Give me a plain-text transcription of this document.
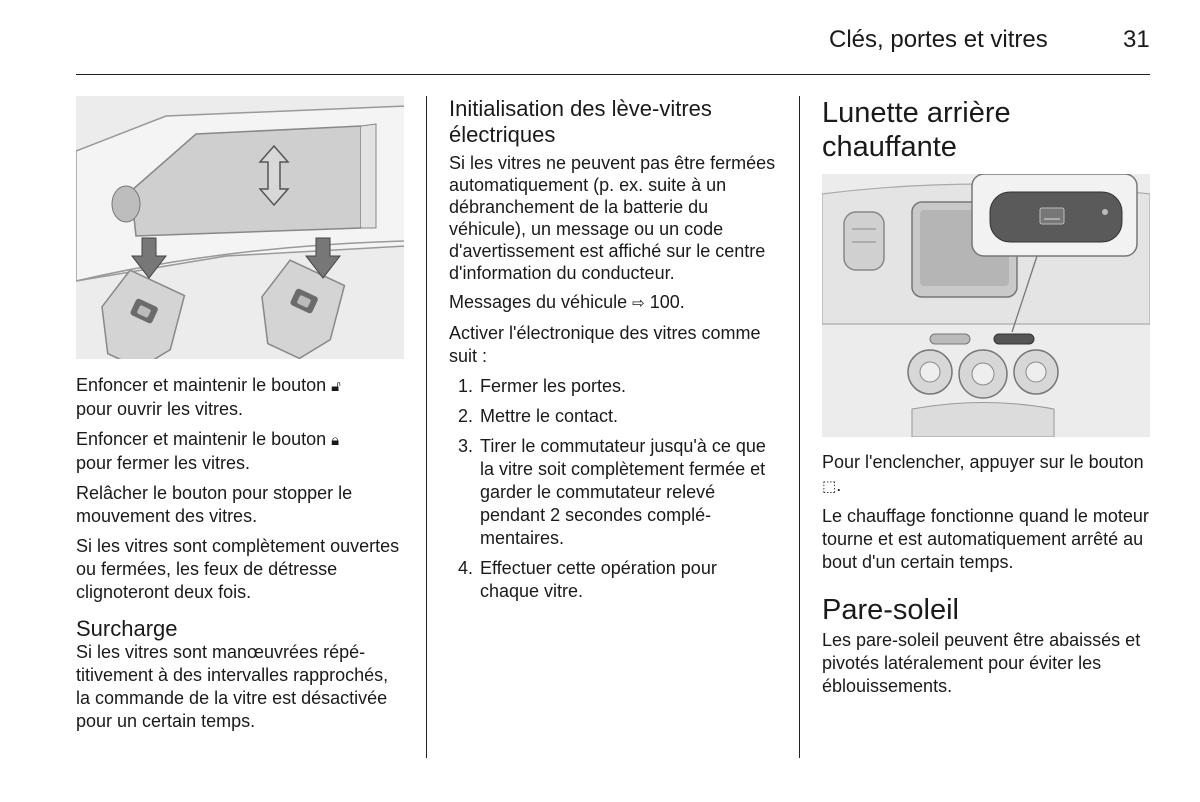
Clés, portes et vitres	31

Enfoncer et maintenir le bouton 🔓︎
pour ouvrir les vitres.

Enfoncer et maintenir le bouton 🔒︎
pour fermer les vitres.

Relâcher le bouton pour stopper le mouvement des vitres.

Si les vitres sont complètement ouvertes ou fermées, les feux de détresse clignoteront deux fois.

Surcharge

Si les vitres sont manœuvrées répétitivement à des intervalles rapprochés, la commande de la vitre est désactivée pour un certain temps.

Initialisation des lève-vitres électriques

Si les vitres ne peuvent pas être fermées automatiquement (p. ex. suite à un débranchement de la batterie du véhicule), un message ou un code d'avertissement est affiché sur le centre d'information du conducteur.

Messages du véhicule ⇨ 100.

Activer l'électronique des vitres comme suit :

1. Fermer les portes.
2. Mettre le contact.
3. Tirer le commutateur jusqu'à ce que la vitre soit complètement fermée et garder le commutateur relevé pendant 2 secondes complémentaires.
4. Effectuer cette opération pour chaque vitre.
Lunette arrière chauffante

Pour l'enclencher, appuyer sur le bouton ⬚.

Le chauffage fonctionne quand le moteur tourne et est automatiquement arrêté au bout d'un certain temps.

Pare-soleil

Les pare-soleil peuvent être abaissés et pivotés latéralement pour éviter les éblouissements.
